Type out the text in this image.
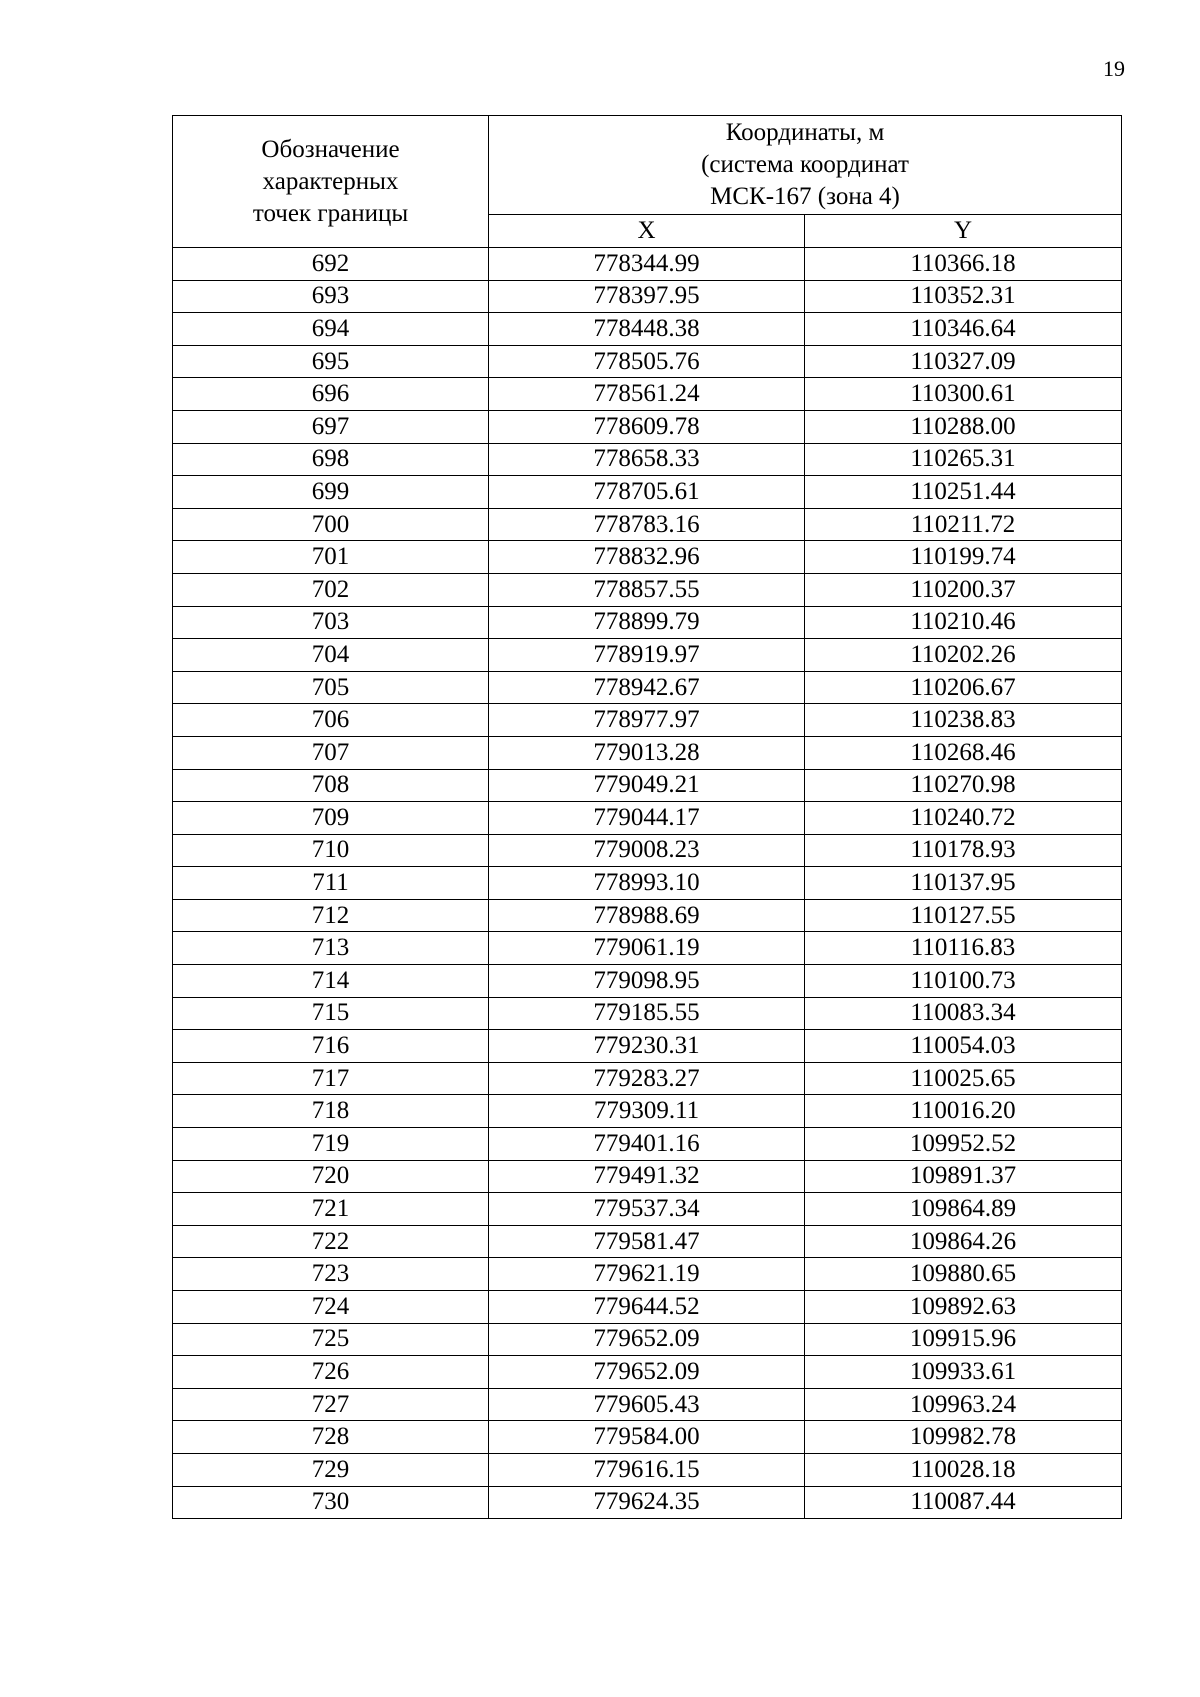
19
Обозначение
характерных
точек границы	Координаты, м
(система координат
МСК-167 (зона 4)	

	X	Y
692	778344.99	110366.18
693	778397.95	110352.31
694	778448.38	110346.64
695	778505.76	110327.09
696	778561.24	110300.61
697	778609.78	110288.00
698	778658.33	110265.31
699	778705.61	110251.44
700	778783.16	110211.72
701	778832.96	110199.74
702	778857.55	110200.37
703	778899.79	110210.46
704	778919.97	110202.26
705	778942.67	110206.67
706	778977.97	110238.83
707	779013.28	110268.46
708	779049.21	110270.98
709	779044.17	110240.72
710	779008.23	110178.93
711	778993.10	110137.95
712	778988.69	110127.55
713	779061.19	110116.83
714	779098.95	110100.73
715	779185.55	110083.34
716	779230.31	110054.03
717	779283.27	110025.65
718	779309.11	110016.20
719	779401.16	109952.52
720	779491.32	109891.37
721	779537.34	109864.89
722	779581.47	109864.26
723	779621.19	109880.65
724	779644.52	109892.63
725	779652.09	109915.96
726	779652.09	109933.61
727	779605.43	109963.24
728	779584.00	109982.78
729	779616.15	110028.18
730	779624.35	110087.44
